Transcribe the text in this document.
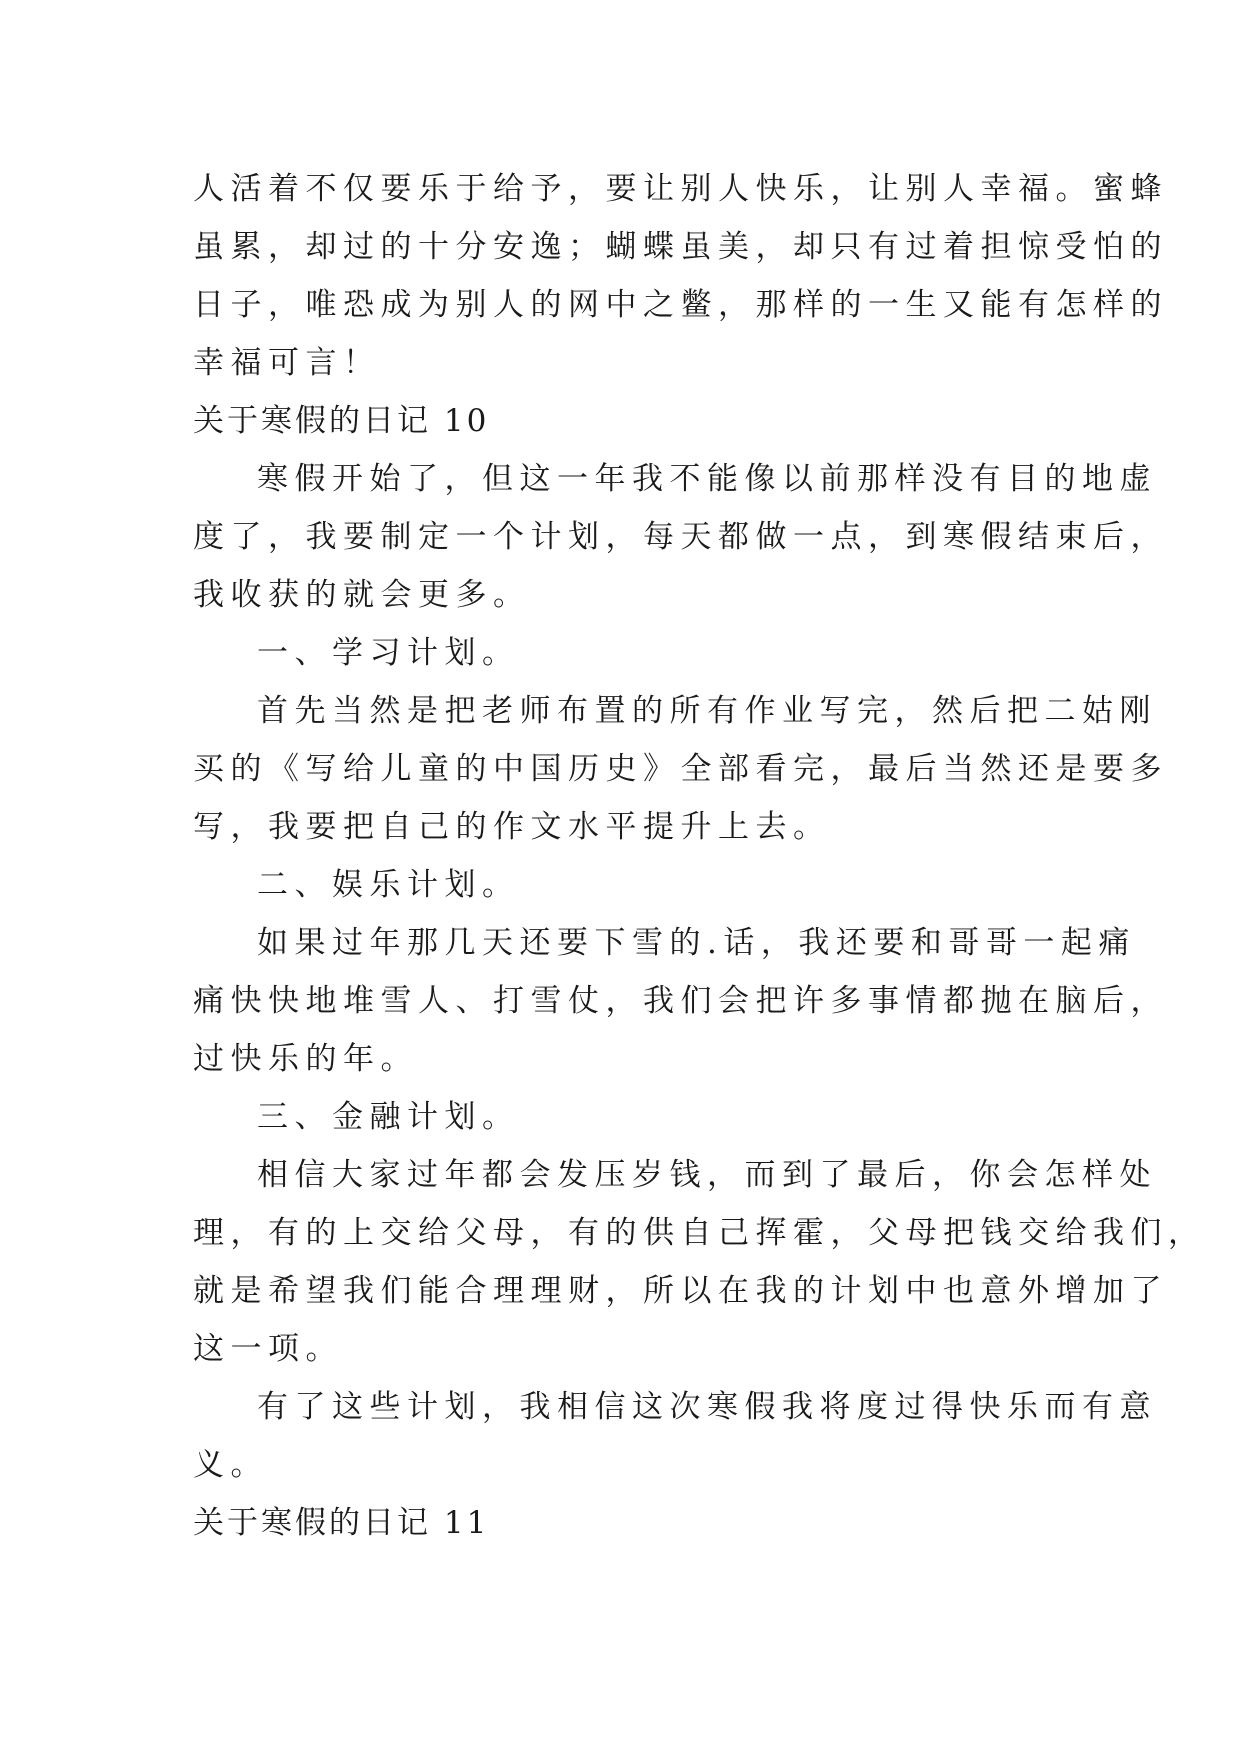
人活着不仅要乐于给予，要让别人快乐，让别人幸福。蜜蜂
虽累，却过的十分安逸；蝴蝶虽美，却只有过着担惊受怕的
日子，唯恐成为别人的网中之鳖，那样的一生又能有怎样的
幸福可言！
关于寒假的日记 10
寒假开始了，但这一年我不能像以前那样没有目的地虚
度了，我要制定一个计划，每天都做一点，到寒假结束后，
我收获的就会更多。
一、学习计划。
首先当然是把老师布置的所有作业写完，然后把二姑刚
买的《写给儿童的中国历史》全部看完，最后当然还是要多
写，我要把自己的作文水平提升上去。
二、娱乐计划。
如果过年那几天还要下雪的.话，我还要和哥哥一起痛
痛快快地堆雪人、打雪仗，我们会把许多事情都抛在脑后，
过快乐的年。
三、金融计划。
相信大家过年都会发压岁钱，而到了最后，你会怎样处
理，有的上交给父母，有的供自己挥霍，父母把钱交给我们，
就是希望我们能合理理财，所以在我的计划中也意外增加了
这一项。
有了这些计划，我相信这次寒假我将度过得快乐而有意
义。
关于寒假的日记 11
